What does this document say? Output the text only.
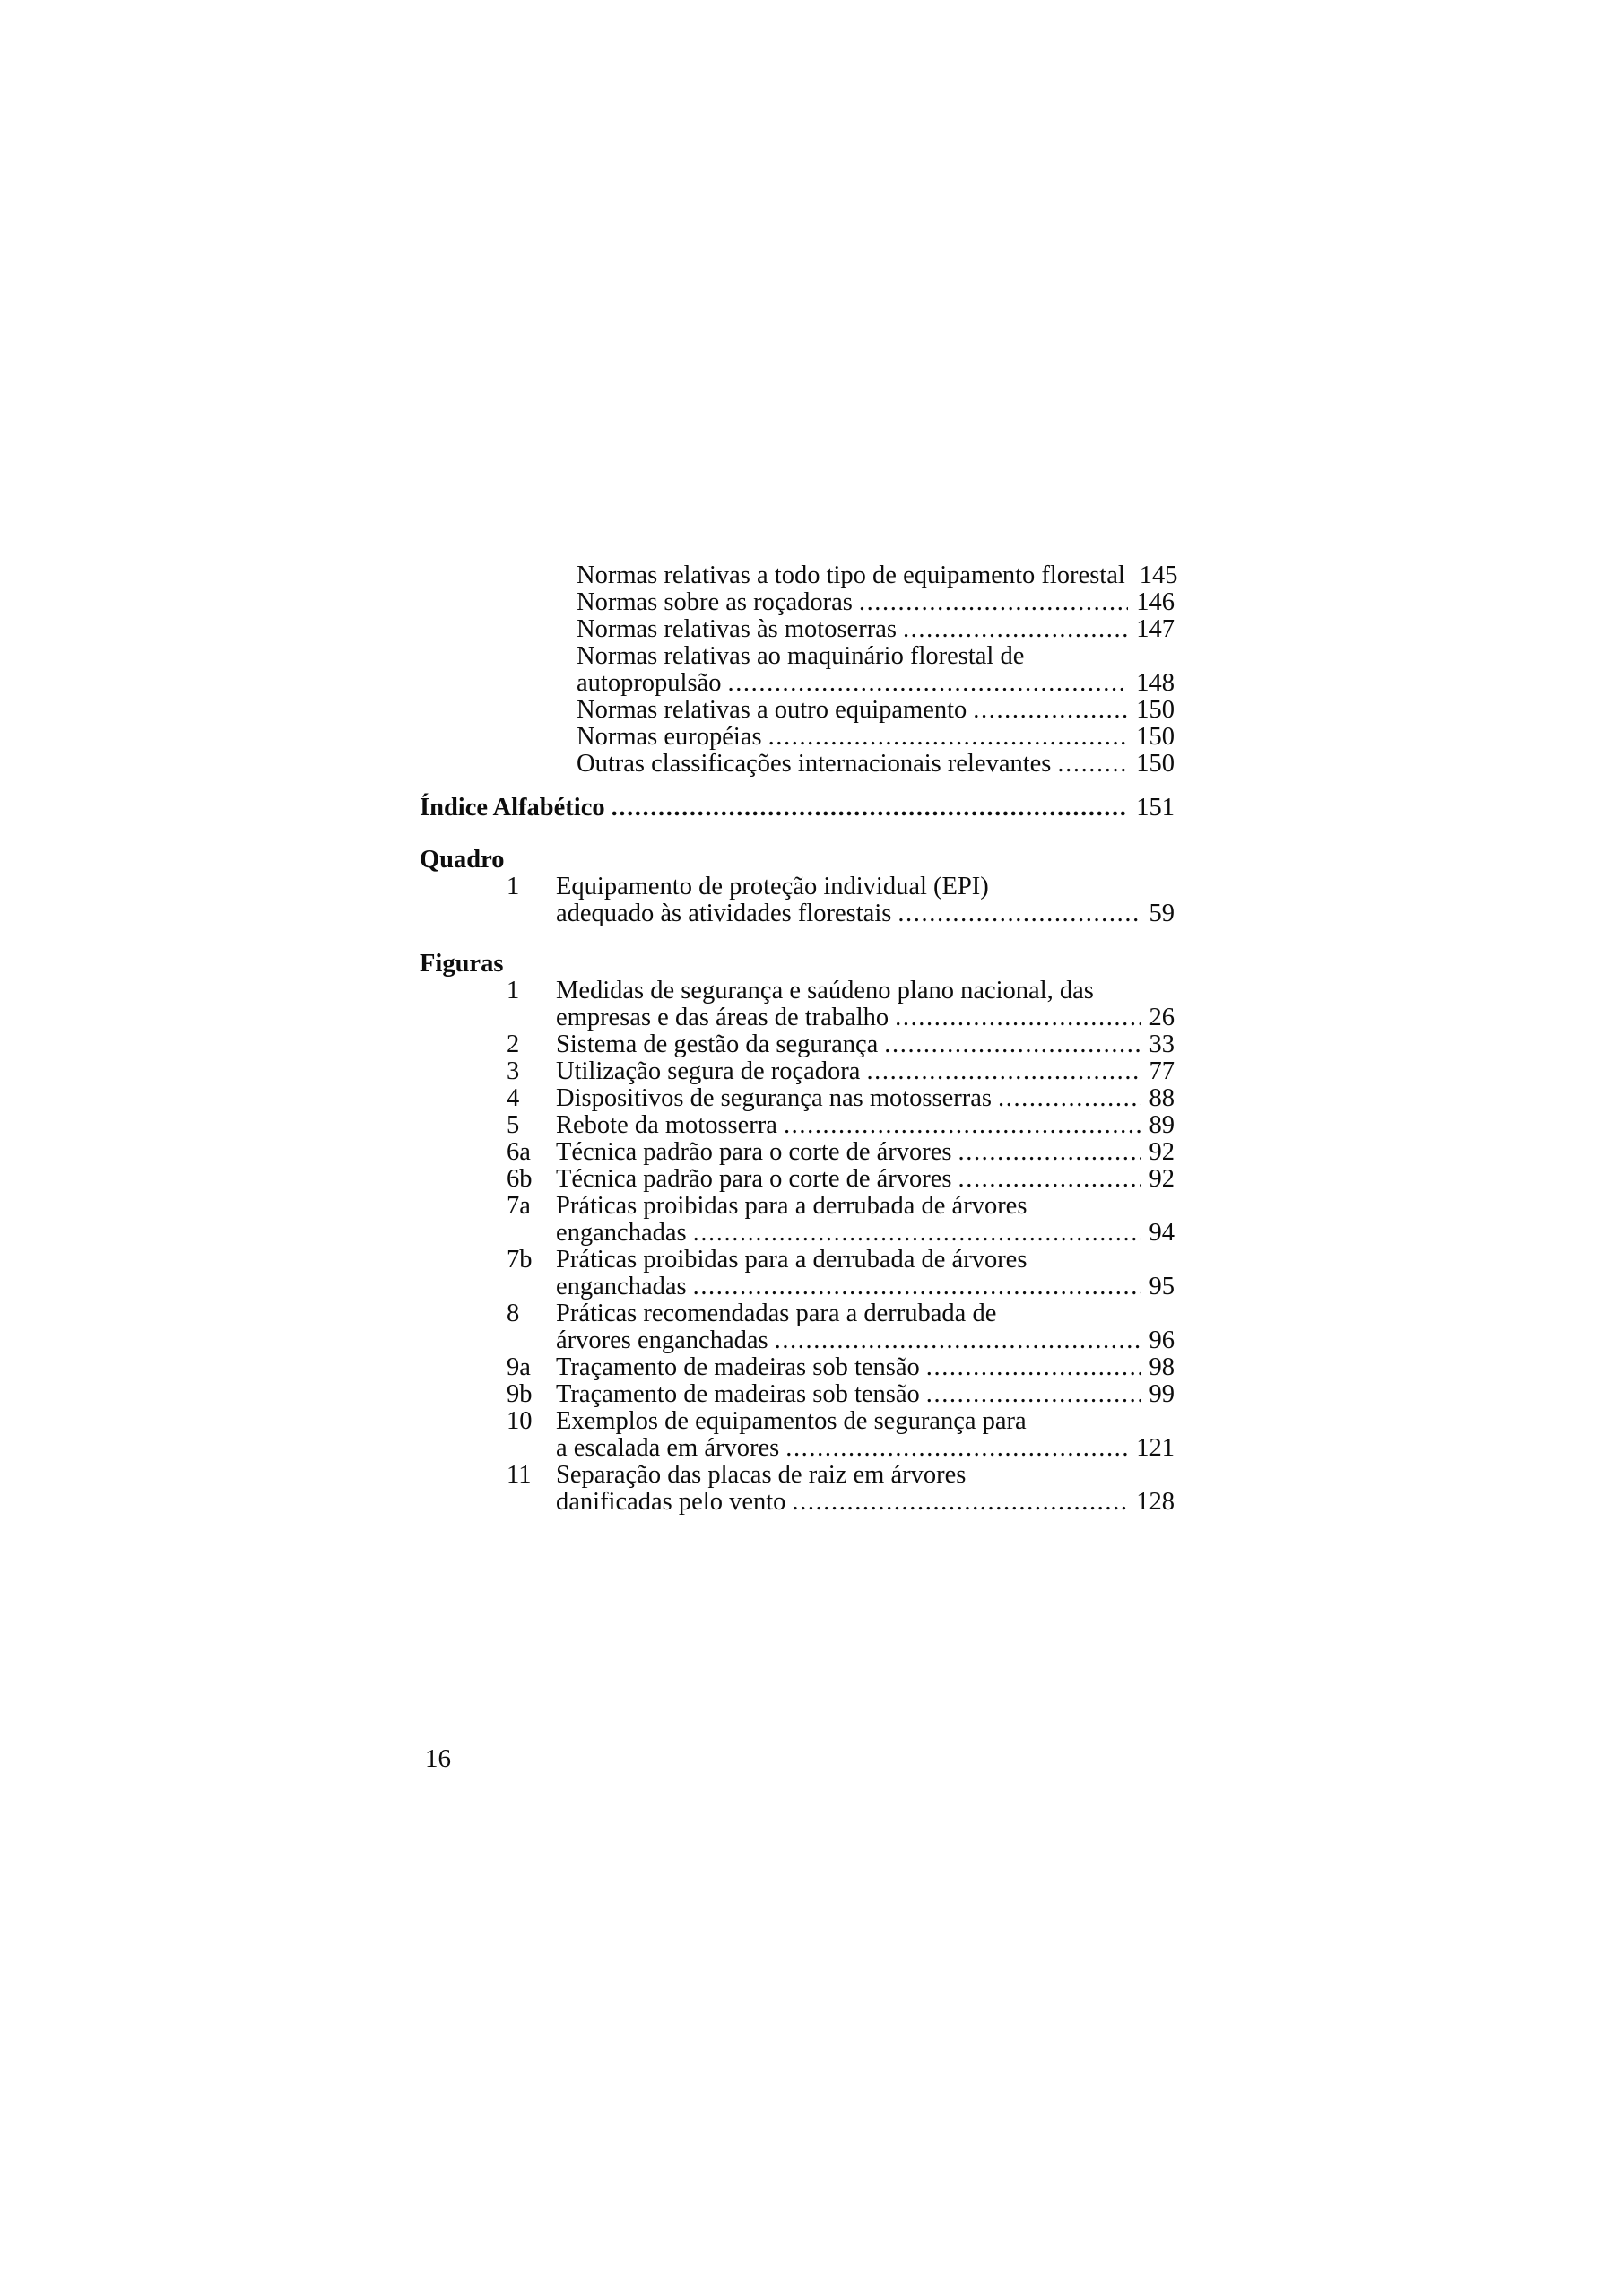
Normas relativas a todo tipo de equipamento florestal 145
Normas sobre as roçadoras .....	146
Normas relativas às motoserras .....	147
Normas relativas ao maquinário florestal de
autopropulsão .....	148
Normas relativas a outro equipamento .....	150
Normas européias .....	150
Outras classificações internacionais relevantes .....	150
Índice Alfabético .....	151
Quadro
1	Equipamento de proteção individual (EPI)
adequado às atividades florestais .....	59
Figuras
1	Medidas de segurança e saúdeno plano nacional, das
empresas e das áreas de trabalho .....	26
2	Sistema de gestão da segurança .....	33
3	Utilização segura de roçadora .....	77
4	Dispositivos de segurança nas motosserras .....	88
5	Rebote da motosserra .....	89
6a Técnica padrão para o corte de árvores .....	92
6b Técnica padrão para o corte de árvores .....	92
7a Práticas proibidas para a derrubada de árvores
enganchadas .....	94
7b Práticas proibidas para a derrubada de árvores
enganchadas .....	95
8	Práticas recomendadas para a derrubada de
árvores enganchadas .....	96
9a Traçamento de madeiras sob tensão .....	98
9b Traçamento de madeiras sob tensão .....	99
10 Exemplos de equipamentos de segurança para
a escalada em árvores .....	121
11 Separação das placas de raiz em árvores
danificadas pelo vento .....	128
16
